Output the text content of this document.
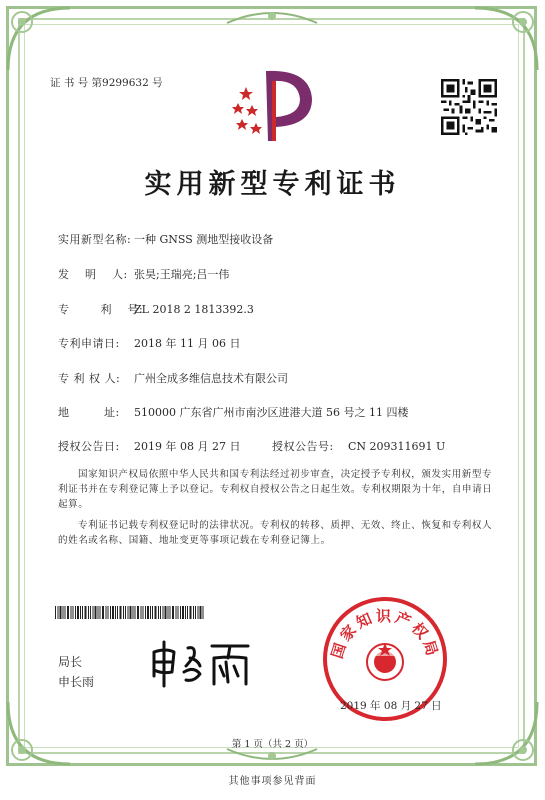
证 书 号 第9299632 号
实用新型专利证书
实用新型名称: 一种 GNSS 测地型接收设备
发　 明　 人: 张昊;王瑞亮;吕一伟
专　 　 利　 号:
ZL 2018 2 1813392.3
专利申请日: 2018 年 11 月 06 日
专 利 权 人: 广州全成多维信息技术有限公司
地　　　址: 510000 广东省广州市南沙区进港大道 56 号之 11 四楼
授权公告日: 2019 年 08 月 27 日	授权公告号: CN 209311691 U
国家知识产权局依照中华人民共和国专利法经过初步审查，决定授予专利权，颁发实用新型专利证书并在专利登记簿上予以登记。专利权自授权公告之日起生效。专利权期限为十年，自申请日起算。
专利证书记载专利权登记时的法律状况。专利权的转移、质押、无效、终止、恢复和专利权人的姓名或名称、国籍、地址变更等事项记载在专利登记簿上。
局长
申长雨
国家知识产权局
2019 年 08 月 27 日
第 1 页（共 2 页）
其他事项参见背面
